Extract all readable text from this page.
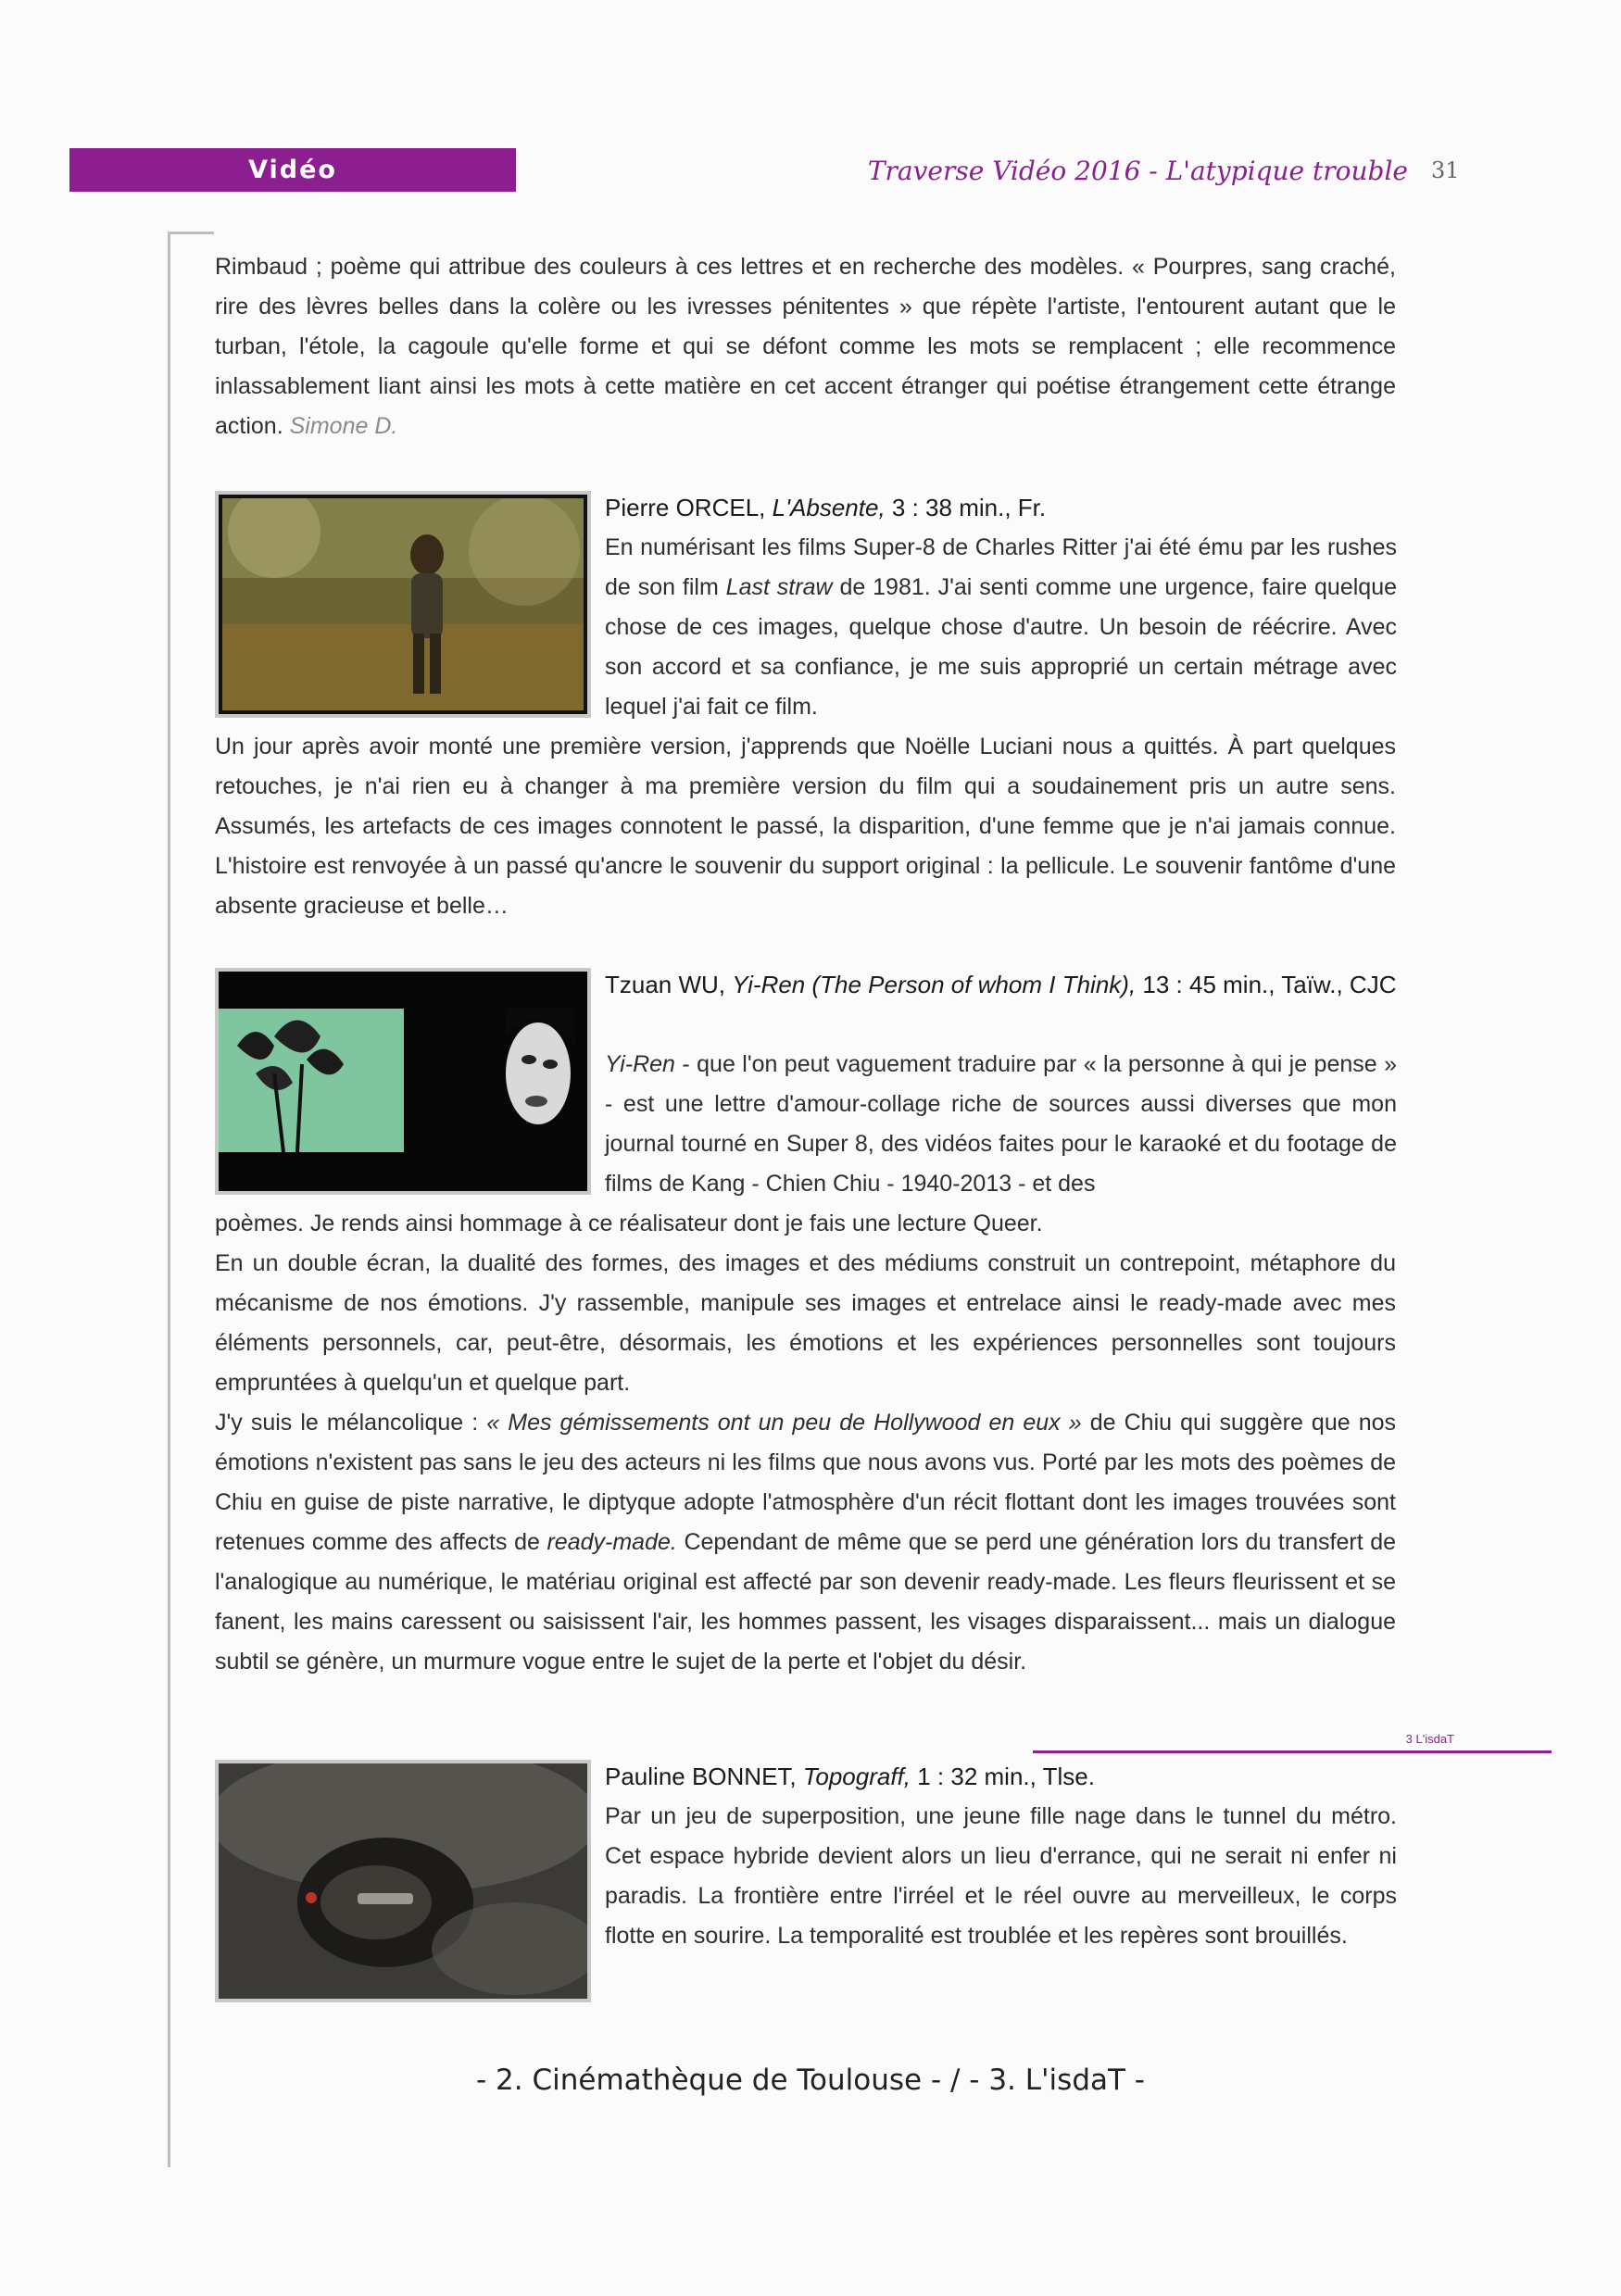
Vidéo	Traverse Vidéo 2016 - L'atypique trouble 31
Rimbaud ; poème qui attribue des couleurs à ces lettres et en recherche des modèles. « Pourpres, sang craché, rire des lèvres belles dans la colère ou les ivresses pénitentes » que répète l'artiste, l'entourent autant que le turban, l'étole, la cagoule qu'elle forme et qui se défont comme les mots se remplacent ; elle recommence inlassablement liant ainsi les mots à cette matière en cet accent étranger qui poétise étrangement cette étrange action. Simone D.
Pierre ORCEL, L'Absente, 3 : 38 min., Fr.
En numérisant les films Super-8 de Charles Ritter j'ai été ému par les rushes de son film Last straw de 1981. J'ai senti comme une urgence, faire quelque chose de ces images, quelque chose d'autre. Un besoin de réécrire. Avec son accord et sa confiance, je me suis approprié un certain métrage avec lequel j'ai fait ce film.
Un jour après avoir monté une première version, j'apprends que Noëlle Luciani nous a quittés. À part quelques retouches, je n'ai rien eu à changer à ma première version du film qui a soudainement pris un autre sens. Assumés, les artefacts de ces images connotent le passé, la disparition, d'une femme que je n'ai jamais connue. L'histoire est renvoyée à un passé qu'ancre le souvenir du support original : la pellicule. Le souvenir fantôme d'une absente gracieuse et belle…
Tzuan WU, Yi-Ren (The Person of whom I Think), 13 : 45 min., Taïw., CJC
Yi-Ren - que l'on peut vaguement traduire par « la personne à qui je pense » - est une lettre d'amour-collage riche de sources aussi diverses que mon journal tourné en Super 8, des vidéos faites pour le karaoké et du footage de films de Kang - Chien Chiu - 1940-2013 - et des
poèmes. Je rends ainsi hommage à ce réalisateur dont je fais une lecture Queer.
En un double écran, la dualité des formes, des images et des médiums construit un contrepoint, métaphore du mécanisme de nos émotions. J'y rassemble, manipule ses images et entrelace ainsi le ready-made avec mes éléments personnels, car, peut-être, désormais, les émotions et les expériences personnelles sont toujours empruntées à quelqu'un et quelque part.
J'y suis le mélancolique : « Mes gémissements ont un peu de Hollywood en eux » de Chiu qui suggère que nos émotions n'existent pas sans le jeu des acteurs ni les films que nous avons vus. Porté par les mots des poèmes de Chiu en guise de piste narrative, le diptyque adopte l'atmosphère d'un récit flottant dont les images trouvées sont retenues comme des affects de ready-made. Cependant de même que se perd une génération lors du transfert de l'analogique au numérique, le matériau original est affecté par son devenir ready-made. Les fleurs fleurissent et se fanent, les mains caressent ou saisissent l'air, les hommes passent, les visages disparaissent... mais un dialogue subtil se génère, un murmure vogue entre le sujet de la perte et l'objet du désir.
3 L'isdaT
Pauline BONNET, Topograff, 1 : 32 min., Tlse.
Par un jeu de superposition, une jeune fille nage dans le tunnel du métro. Cet espace hybride devient alors un lieu d'errance, qui ne serait ni enfer ni paradis. La frontière entre l'irréel et le réel ouvre au merveilleux, le corps flotte en sourire. La temporalité est troublée et les repères sont brouillés.
- 2. Cinémathèque de Toulouse - / - 3. L'isdaT -
